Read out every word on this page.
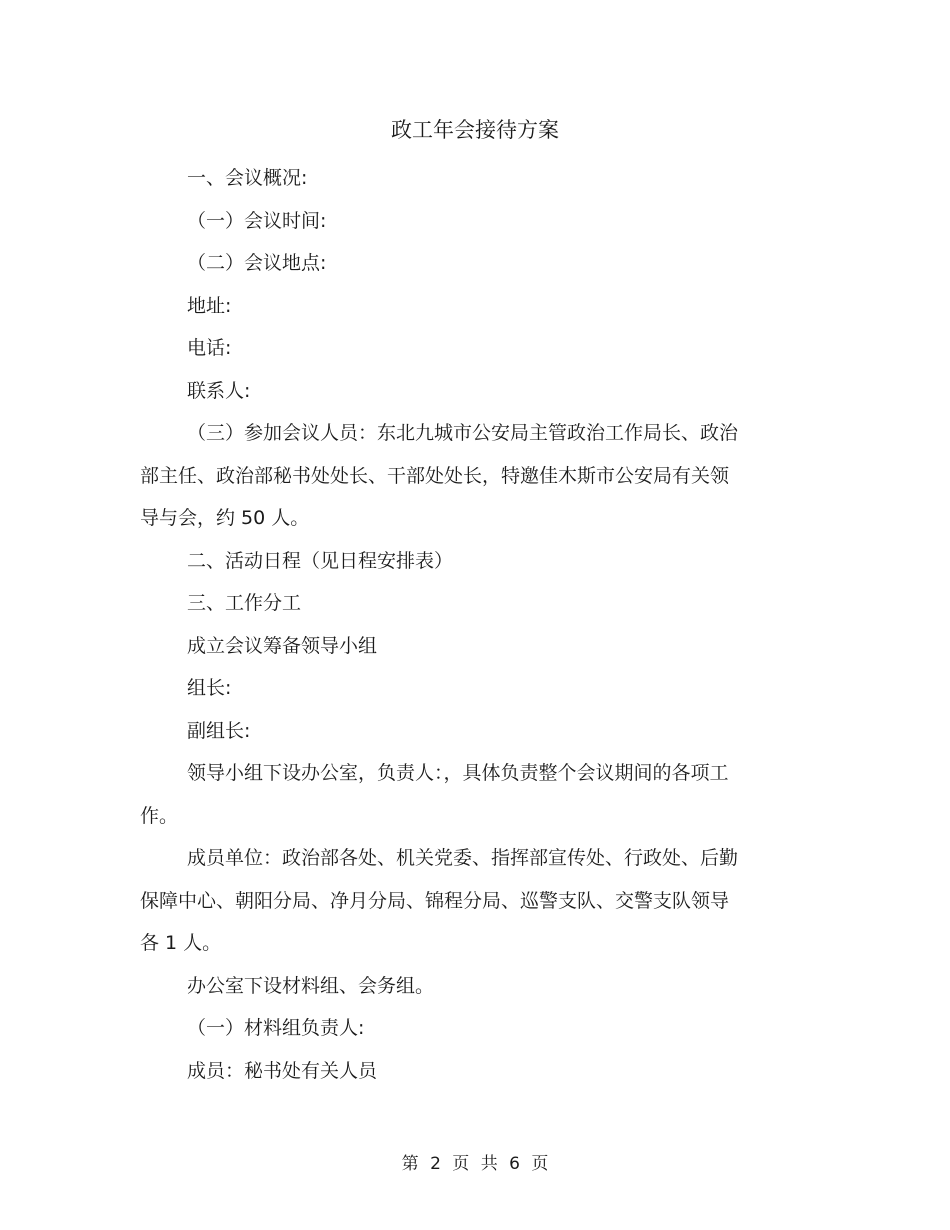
政工年会接待方案
一、会议概况:
（一）会议时间:
（二）会议地点:
地址:
电话:
联系人:
（三）参加会议人员：东北九城市公安局主管政治工作局长、政治
部主任、政治部秘书处处长、干部处处长，特邀佳木斯市公安局有关领
导与会，约 50 人。
二、活动日程（见日程安排表）
三、工作分工
成立会议筹备领导小组
组长:
副组长:
领导小组下设办公室，负责人：，具体负责整个会议期间的各项工
作。
成员单位：政治部各处、机关党委、指挥部宣传处、行政处、后勤
保障中心、朝阳分局、净月分局、锦程分局、巡警支队、交警支队领导
各 1 人。
办公室下设材料组、会务组。
（一）材料组负责人:
成员：秘书处有关人员
第 2 页 共 6 页
